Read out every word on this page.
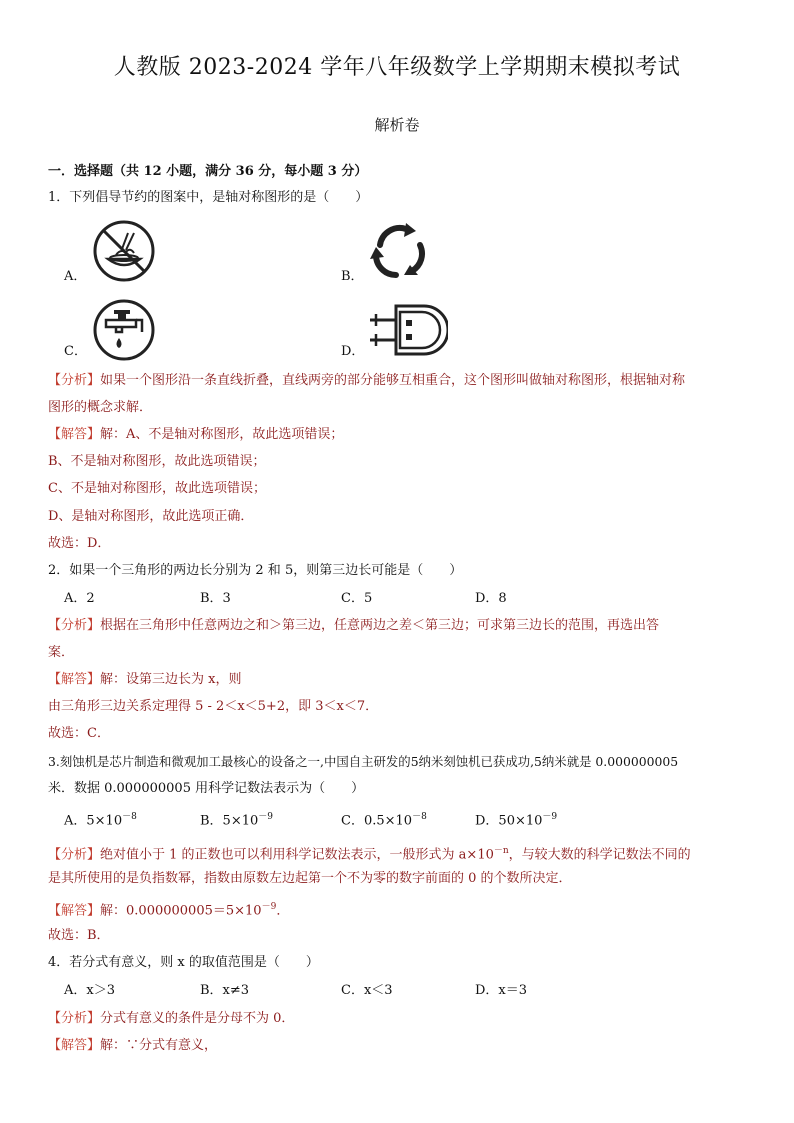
人教版 2023-2024 学年八年级数学上学期期末模拟考试
解析卷
一．选择题（共 12 小题，满分 36 分，每小题 3 分）
1．下列倡导节约的图案中，是轴对称图形的是（　　）
A．	B．
C．	D．
【分析】如果一个图形沿一条直线折叠，直线两旁的部分能够互相重合，这个图形叫做轴对称图形，根据轴对称
图形的概念求解．
【解答】解：A、不是轴对称图形，故此选项错误；
B、不是轴对称图形，故此选项错误；
C、不是轴对称图形，故此选项错误；
D、是轴对称图形，故此选项正确．
故选：D．
2．如果一个三角形的两边长分别为 2 和 5，则第三边长可能是（　　）
A．2	B．3	C．5	D．8
【分析】根据在三角形中任意两边之和＞第三边，任意两边之差＜第三边；可求第三边长的范围，再选出答
案．
【解答】解：设第三边长为 x，则
由三角形三边关系定理得 5 - 2＜x＜5+2，即 3＜x＜7．
故选：C．
3.刻蚀机是芯片制造和微观加工最核心的设备之一,中国自主研发的5纳米刻蚀机已获成功,5纳米就是 0.000000005
米．数据 0.000000005 用科学记数法表示为（　　）
A．$5\times 10^{-8}$	B．$5\times 10^{-9}$	C．$0.5\times 10^{-8}$	D．$50\times 10^{-9}$
【分析】绝对值小于 1 的正数也可以利用科学记数法表示，一般形式为 $a\times 10^{-n}$，与较大数的科学记数法不同的
是其所使用的是负指数幂，指数由原数左边起第一个不为零的数字前面的 0 的个数所决定．
【解答】解：$0.000000005=5\times 10^{-9}$．
故选：B．
4．若分式有意义，则 x 的取值范围是（　　）
A．x＞3	B．x≠3	C．x＜3	D．x＝3
【分析】分式有意义的条件是分母不为 0．
【解答】解：∵分式有意义，
